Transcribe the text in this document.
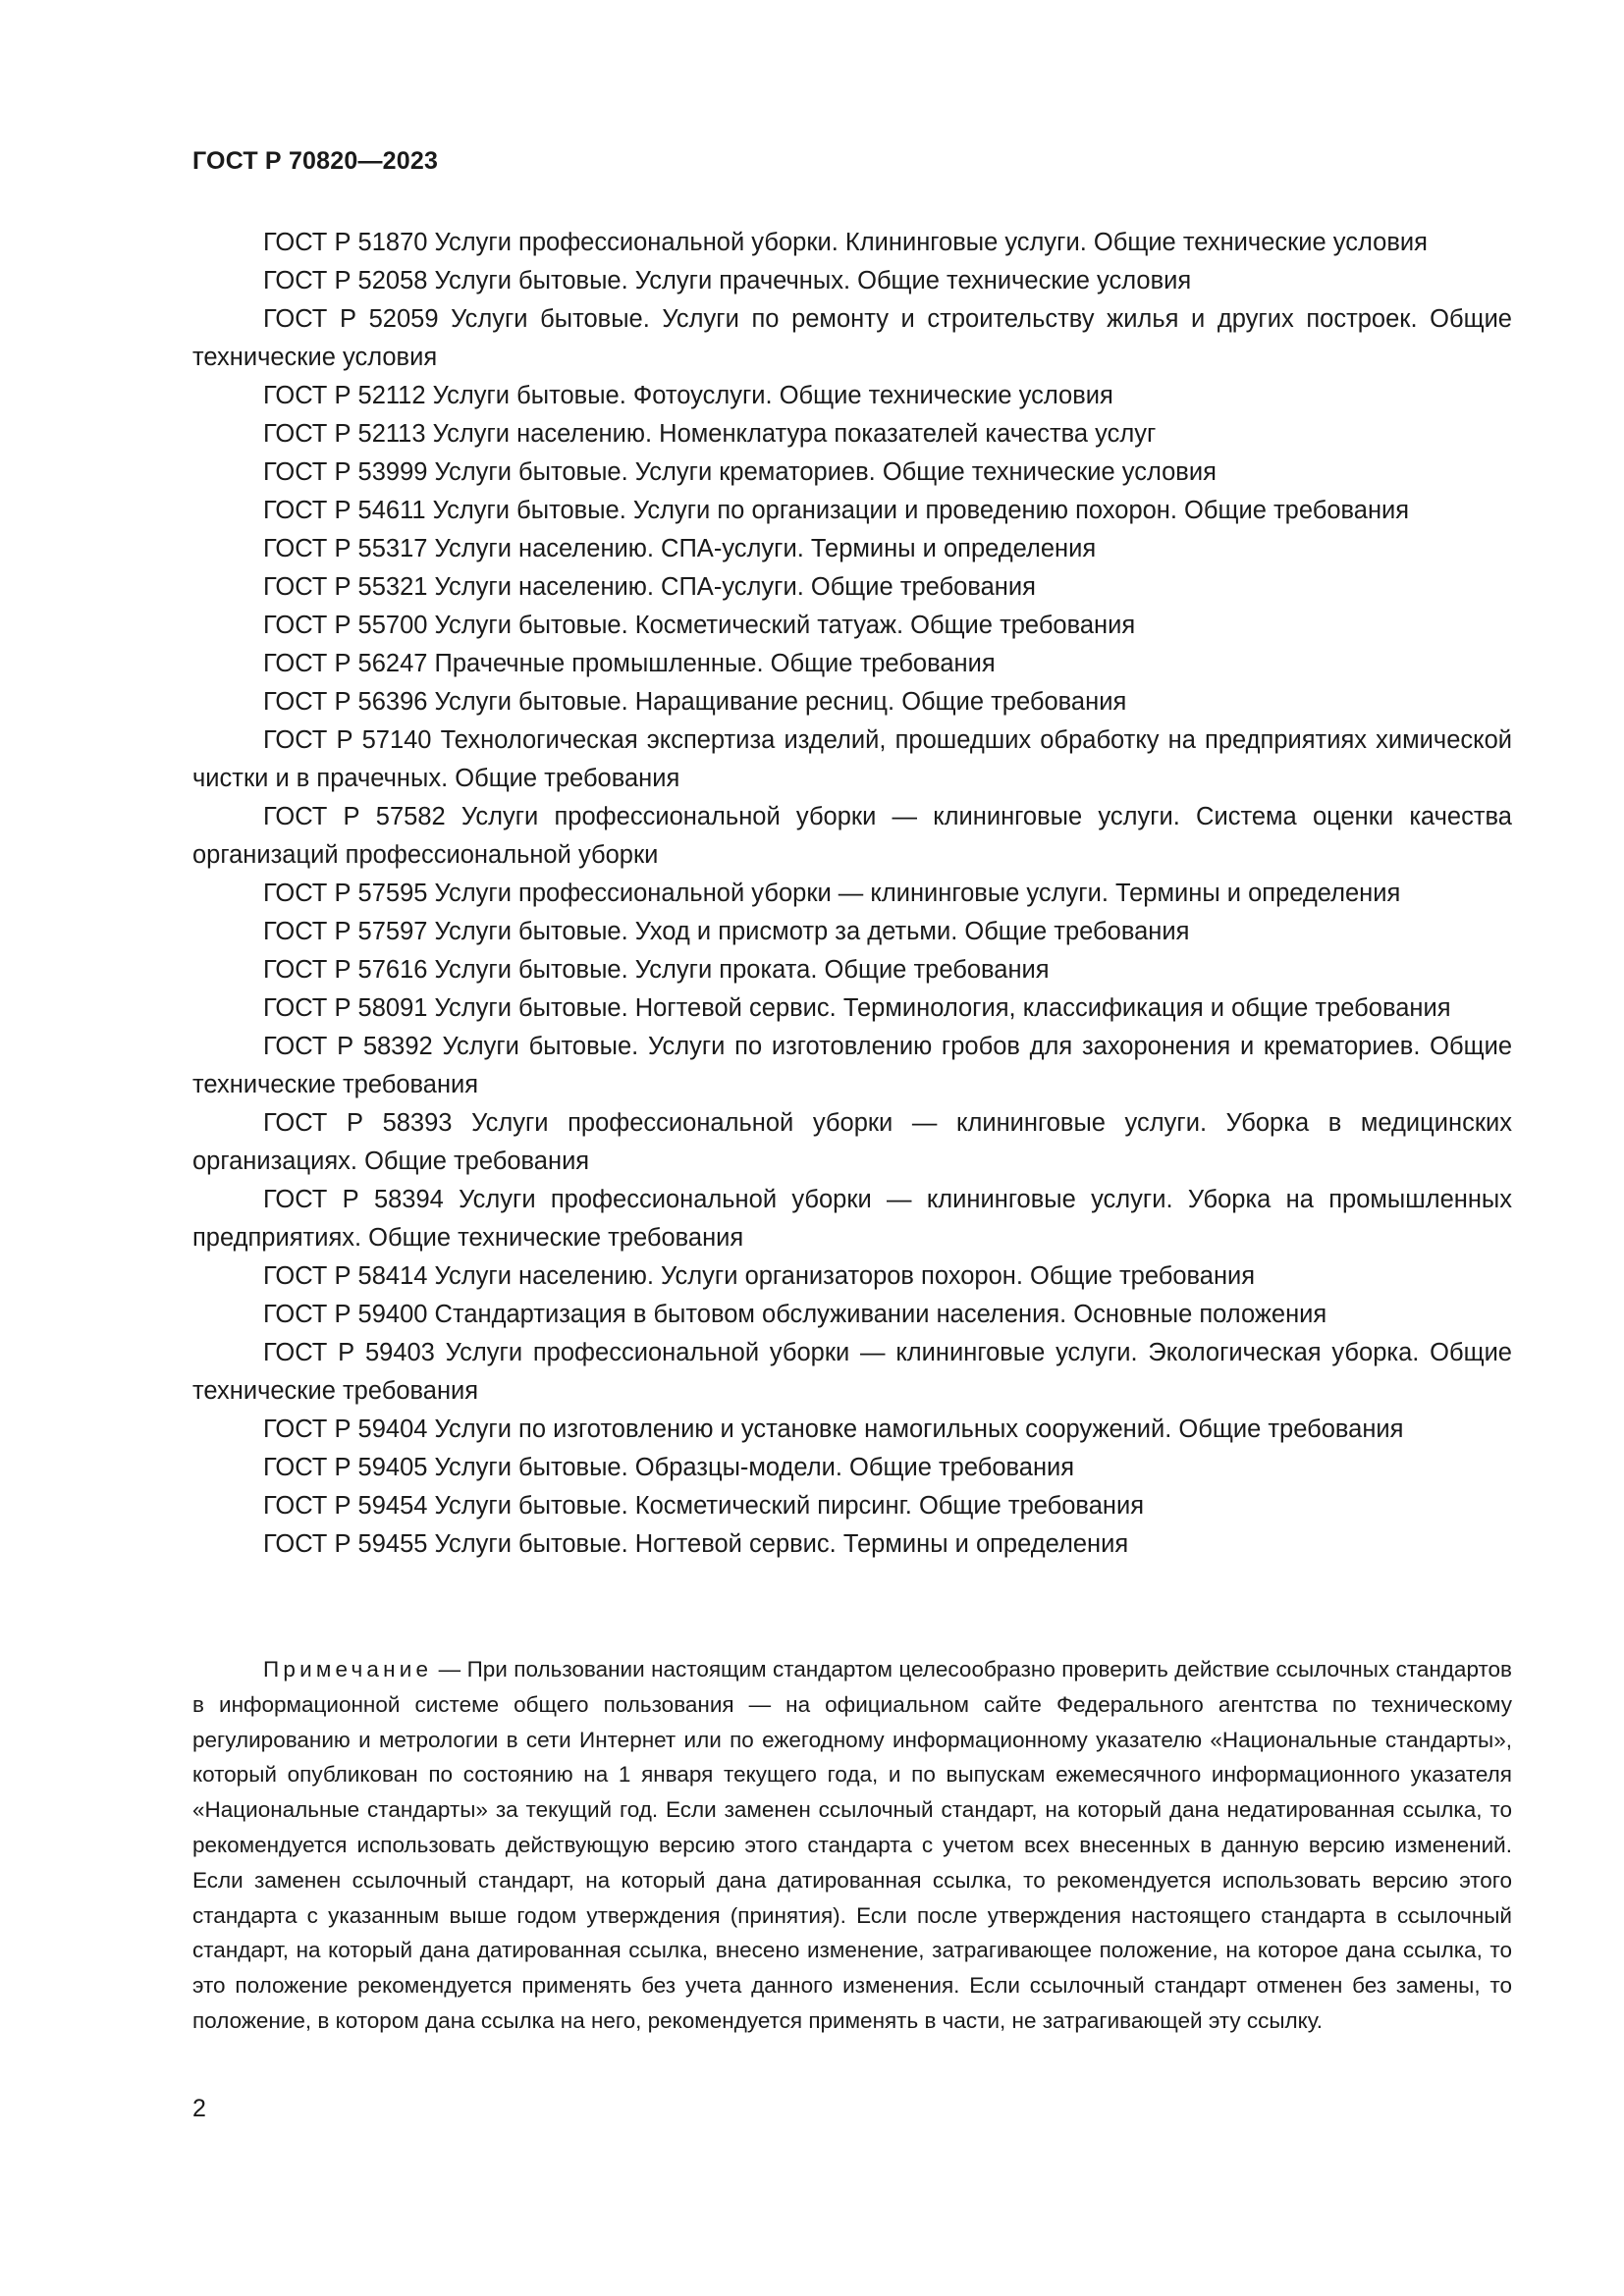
ГОСТ Р 70820—2023

ГОСТ Р 51870 Услуги профессиональной уборки. Клининговые услуги. Общие технические условия

ГОСТ Р 52058 Услуги бытовые. Услуги прачечных. Общие технические условия

ГОСТ Р 52059 Услуги бытовые. Услуги по ремонту и строительству жилья и других построек. Общие технические условия

ГОСТ Р 52112 Услуги бытовые. Фотоуслуги. Общие технические условия

ГОСТ Р 52113 Услуги населению. Номенклатура показателей качества услуг

ГОСТ Р 53999 Услуги бытовые. Услуги крематориев. Общие технические условия

ГОСТ Р 54611 Услуги бытовые. Услуги по организации и проведению похорон. Общие требования

ГОСТ Р 55317 Услуги населению. СПА-услуги. Термины и определения

ГОСТ Р 55321 Услуги населению. СПА-услуги. Общие требования

ГОСТ Р 55700 Услуги бытовые. Косметический татуаж. Общие требования

ГОСТ Р 56247 Прачечные промышленные. Общие требования

ГОСТ Р 56396 Услуги бытовые. Наращивание ресниц. Общие требования

ГОСТ Р 57140 Технологическая экспертиза изделий, прошедших обработку на предприятиях химической чистки и в прачечных. Общие требования

ГОСТ Р 57582 Услуги профессиональной уборки — клининговые услуги. Система оценки качества организаций профессиональной уборки

ГОСТ Р 57595 Услуги профессиональной уборки — клининговые услуги. Термины и определения

ГОСТ Р 57597 Услуги бытовые. Уход и присмотр за детьми. Общие требования

ГОСТ Р 57616 Услуги бытовые. Услуги проката. Общие требования

ГОСТ Р 58091 Услуги бытовые. Ногтевой сервис. Терминология, классификация и общие требования

ГОСТ Р 58392 Услуги бытовые. Услуги по изготовлению гробов для захоронения и крематориев. Общие технические требования

ГОСТ Р 58393 Услуги профессиональной уборки — клининговые услуги. Уборка в медицинских организациях. Общие требования

ГОСТ Р 58394 Услуги профессиональной уборки — клининговые услуги. Уборка на промышленных предприятиях. Общие технические требования

ГОСТ Р 58414 Услуги населению. Услуги организаторов похорон. Общие требования

ГОСТ Р 59400 Стандартизация в бытовом обслуживании населения. Основные положения

ГОСТ Р 59403 Услуги профессиональной уборки — клининговые услуги. Экологическая уборка. Общие технические требования

ГОСТ Р 59404 Услуги по изготовлению и установке намогильных сооружений. Общие требования

ГОСТ Р 59405 Услуги бытовые. Образцы-модели. Общие требования

ГОСТ Р 59454 Услуги бытовые. Косметический пирсинг. Общие требования

ГОСТ Р 59455 Услуги бытовые. Ногтевой сервис. Термины и определения

Примечание — При пользовании настоящим стандартом целесообразно проверить действие ссылочных стандартов в информационной системе общего пользования — на официальном сайте Федерального агентства по техническому регулированию и метрологии в сети Интернет или по ежегодному информационному указателю «Национальные стандарты», который опубликован по состоянию на 1 января текущего года, и по выпускам ежемесячного информационного указателя «Национальные стандарты» за текущий год. Если заменен ссылочный стандарт, на который дана недатированная ссылка, то рекомендуется использовать действующую версию этого стандарта с учетом всех внесенных в данную версию изменений. Если заменен ссылочный стандарт, на который дана датированная ссылка, то рекомендуется использовать версию этого стандарта с указанным выше годом утверждения (принятия). Если после утверждения настоящего стандарта в ссылочный стандарт, на который дана датированная ссылка, внесено изменение, затрагивающее положение, на которое дана ссылка, то это положение рекомендуется применять без учета данного изменения. Если ссылочный стандарт отменен без замены, то положение, в котором дана ссылка на него, рекомендуется применять в части, не затрагивающей эту ссылку.

2
